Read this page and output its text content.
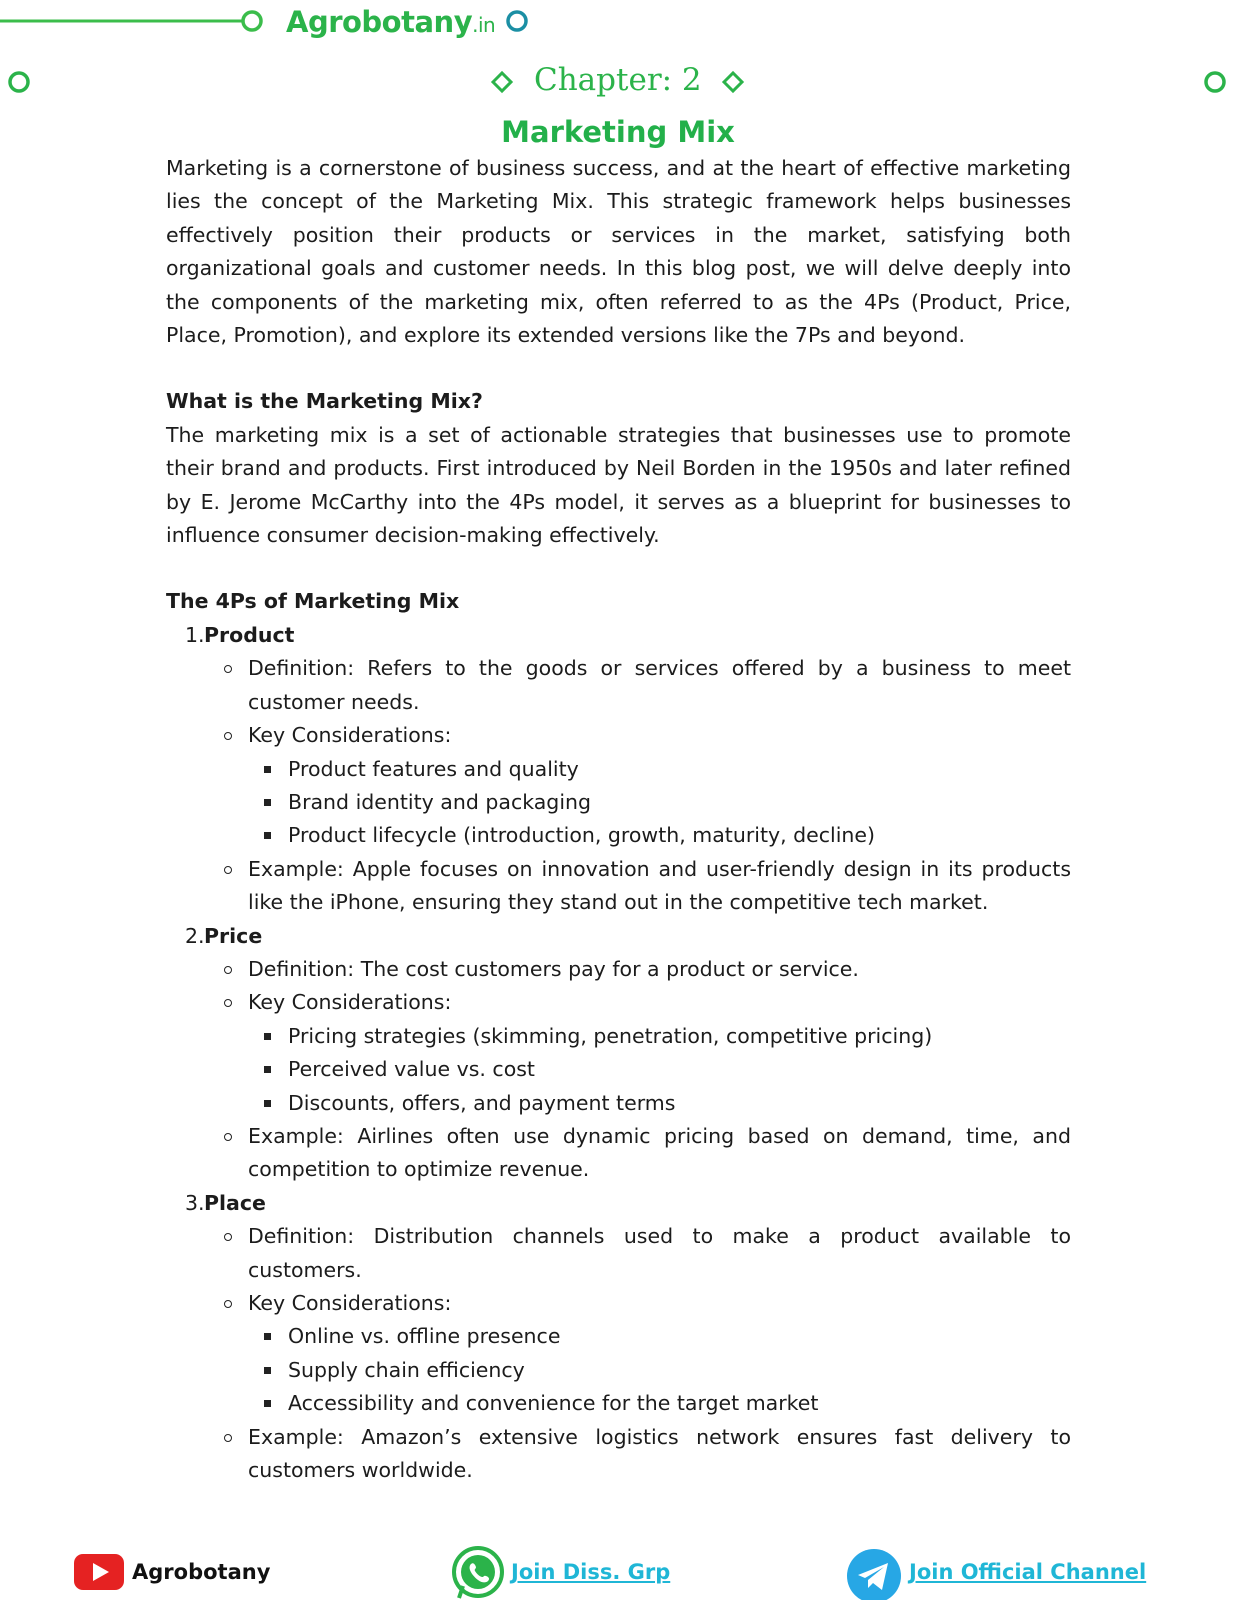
Agrobotany.in
Chapter: 2
Marketing Mix

Marketing is a cornerstone of business success, and at the heart of effective marketing lies the concept of the Marketing Mix. This strategic framework helps businesses effectively position their products or services in the market, satisfying both organizational goals and customer needs. In this blog post, we will delve deeply into the components of the marketing mix, often referred to as the 4Ps (Product, Price, Place, Promotion), and explore its extended versions like the 7Ps and beyond.

What is the Marketing Mix?

The marketing mix is a set of actionable strategies that businesses use to promote their brand and products. First introduced by Neil Borden in the 1950s and later refined by E. Jerome McCarthy into the 4Ps model, it serves as a blueprint for businesses to influence consumer decision-making effectively.

The 4Ps of Marketing Mix

1. Product
Definition: Refers to the goods or services offered by a business to meet customer needs.
Key Considerations:
Product features and quality
Brand identity and packaging
Product lifecycle (introduction, growth, maturity, decline)
Example: Apple focuses on innovation and user-friendly design in its products like the iPhone, ensuring they stand out in the competitive tech market.
2. Price
Definition: The cost customers pay for a product or service.
Key Considerations:
Pricing strategies (skimming, penetration, competitive pricing)
Perceived value vs. cost
Discounts, offers, and payment terms
Example: Airlines often use dynamic pricing based on demand, time, and competition to optimize revenue.
3. Place
Definition: Distribution channels used to make a product available to customers.
Key Considerations:
Online vs. offline presence
Supply chain efficiency
Accessibility and convenience for the target market
Example: Amazon’s extensive logistics network ensures fast delivery to customers worldwide.
Agrobotany	Join Diss. Grp	Join Official Channel
